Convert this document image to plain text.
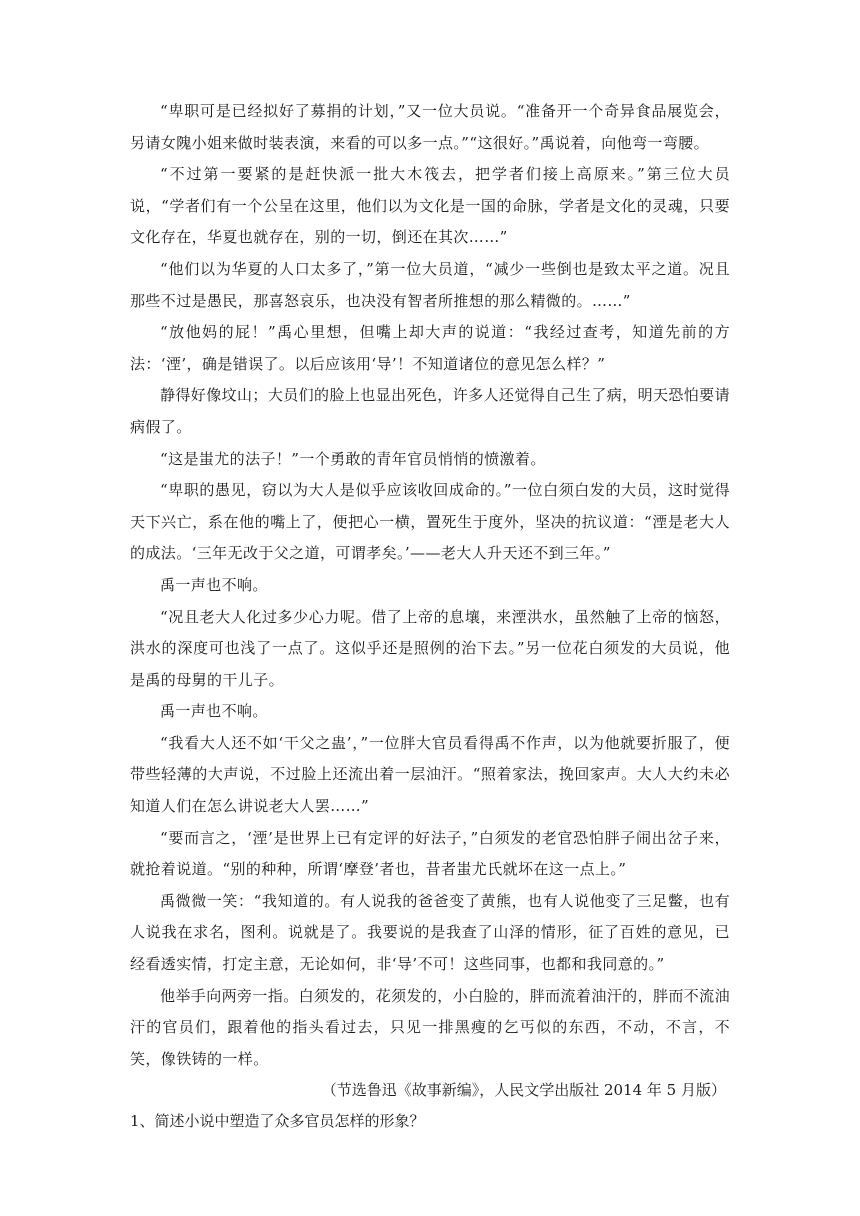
“卑职可是已经拟好了募捐的计划，”又一位大员说。“准备开一个奇异食品展览会，另请女隗小姐来做时装表演，来看的可以多一点。”“这很好。”禹说着，向他弯一弯腰。

“不过第一要紧的是赶快派一批大木筏去，把学者们接上高原来。”第三位大员说，“学者们有一个公呈在这里，他们以为文化是一国的命脉，学者是文化的灵魂，只要文化存在，华夏也就存在，别的一切，倒还在其次……”

“他们以为华夏的人口太多了，”第一位大员道，“减少一些倒也是致太平之道。况且那些不过是愚民，那喜怒哀乐，也决没有智者所推想的那么精微的。……”

“放他妈的屁！”禹心里想，但嘴上却大声的说道：“我经过查考，知道先前的方法：‘湮’，确是错误了。以后应该用‘导’！不知道诸位的意见怎么样？”

静得好像坟山；大员们的脸上也显出死色，许多人还觉得自己生了病，明天恐怕要请病假了。

“这是蚩尤的法子！”一个勇敢的青年官员悄悄的愤激着。

“卑职的愚见，窃以为大人是似乎应该收回成命的。”一位白须白发的大员，这时觉得天下兴亡，系在他的嘴上了，便把心一横，置死生于度外，坚决的抗议道：“湮是老大人的成法。‘三年无改于父之道，可谓孝矣。’——老大人升天还不到三年。”

禹一声也不响。

“况且老大人化过多少心力呢。借了上帝的息壤，来湮洪水，虽然触了上帝的恼怒，洪水的深度可也浅了一点了。这似乎还是照例的治下去。”另一位花白须发的大员说，他是禹的母舅的干儿子。

禹一声也不响。

“我看大人还不如‘干父之蛊’，”一位胖大官员看得禹不作声，以为他就要折服了，便带些轻薄的大声说，不过脸上还流出着一层油汗。“照着家法，挽回家声。大人大约未必知道人们在怎么讲说老大人罢……”

“要而言之，‘湮’是世界上已有定评的好法子，”白须发的老官恐怕胖子闹出岔子来，就抢着说道。“别的种种，所谓‘摩登’者也，昔者蚩尤氏就坏在这一点上。”

禹微微一笑：“我知道的。有人说我的爸爸变了黄熊，也有人说他变了三足鳖，也有人说我在求名，图利。说就是了。我要说的是我查了山泽的情形，征了百姓的意见，已经看透实情，打定主意，无论如何，非‘导’不可！这些同事，也都和我同意的。”

他举手向两旁一指。白须发的，花须发的，小白脸的，胖而流着油汗的，胖而不流油汗的官员们，跟着他的指头看过去，只见一排黑瘦的乞丐似的东西，不动，不言，不笑，像铁铸的一样。

（节选鲁迅《故事新编》，人民文学出版社 2014 年 5 月版）

1、简述小说中塑造了众多官员怎样的形象？
